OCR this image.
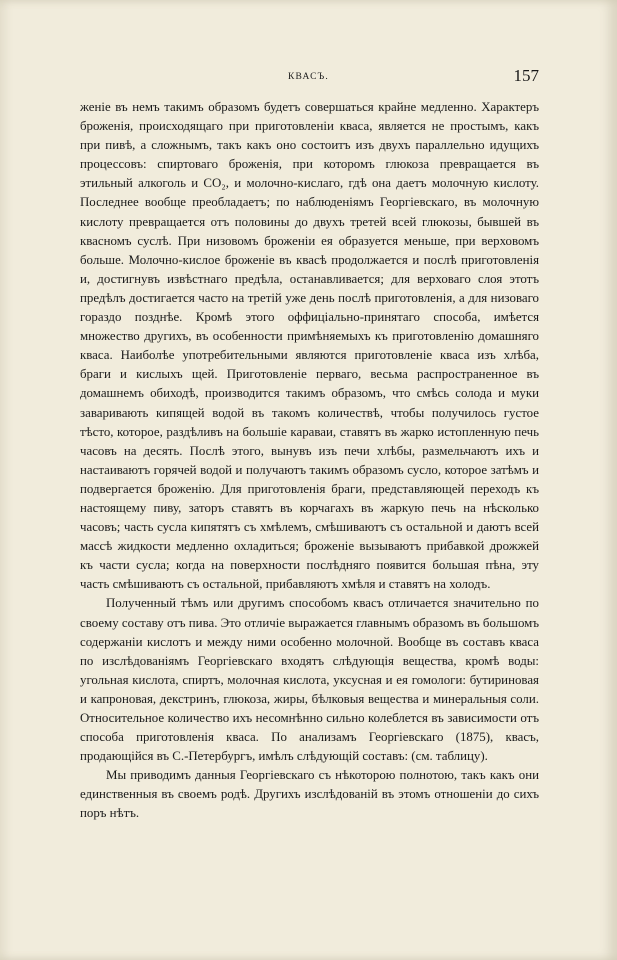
КВАСЪ.	157

женіе въ немъ такимъ образомъ будетъ совершаться крайне медленно. Характеръ броженія, происходящаго при приготовленіи кваса, является не простымъ, какъ при пивѣ, а сложнымъ, такъ какъ оно состоитъ изъ двухъ параллельно идущихъ процессовъ: спиртоваго броженія, при которомъ глюкоза превращается въ этильный алкоголь и CO₂, и молочно-кислаго, гдѣ она даетъ молочную кислоту. Последнее вообще преобладаетъ; по наблюденіямъ Георгіевскаго, въ молочную кислоту превращается отъ половины до двухъ третей всей глюкозы, бывшей въ квасномъ суслѣ. При низовомъ броженіи ея образуется меньше, при верховомъ больше. Молочно-кислое броженіе въ квасѣ продолжается и послѣ приготовленія и, достигнувъ извѣстнаго предѣла, останавливается; для верховаго слоя этотъ предѣлъ достигается часто на третій уже день послѣ приготовленія, а для низоваго гораздо позднѣе. Кромѣ этого оффиціально-принятаго способа, имѣется множество другихъ, въ особенности примѣняемыхъ къ приготовленію домашняго кваса. Наиболѣе употребительными являются приготовленіе кваса изъ хлѣба, браги и кислыхъ щей. Приготовленіе перваго, весьма распространенное въ домашнемъ обиходѣ, производится такимъ образомъ, что смѣсь солода и муки заваривають кипящей водой въ такомъ количествѣ, чтобы получилось густое тѣсто, которое, раздѣливъ на большіе караваи, ставятъ въ жарко истопленную печь часовъ на десять. Послѣ этого, вынувъ изъ печи хлѣбы, размельчаютъ ихъ и настаиваютъ горячей водой и получаютъ такимъ образомъ сусло, которое затѣмъ и подвергается броженію. Для приготовленія браги, представляющей переходъ къ настоящему пиву, заторъ ставятъ въ корчагахъ въ жаркую печь на нѣсколько часовъ; часть сусла кипятятъ съ хмѣлемъ, смѣшиваютъ съ остальной и даютъ всей массѣ жидкости медленно охладиться; броженіе вызываютъ прибавкой дрожжей къ части сусла; когда на поверхности послѣдняго появится большая пѣна, эту часть смѣшиваютъ съ остальной, прибавляютъ хмѣля и ставятъ на холодъ.

Полученный тѣмъ или другимъ способомъ квасъ отличается значительно по своему составу отъ пива. Это отличіе выражается главнымъ образомъ въ большомъ содержаніи кислотъ и между ними особенно молочной. Вообще въ составъ кваса по изслѣдованіямъ Георгіевскаго входятъ слѣдующія вещества, кромѣ воды: угольная кислота, спиртъ, молочная кислота, уксусная и ея гомологи: бутириновая и капроновая, декстринъ, глюкоза, жиры, бѣлковыя вещества и минеральныя соли. Относительное количество ихъ несомнѣнно сильно колеблется въ зависимости отъ способа приготовленія кваса. По анализамъ Георгіевскаго (1875), квасъ, продающійся въ С.-Петербургъ, имѣлъ слѣдующій составъ: (см. таблицу).

Мы приводимъ данныя Георгіевскаго съ нѣкоторою полнотою, такъ какъ они единственныя въ своемъ родѣ. Другихъ изслѣдованій въ этомъ отношеніи до сихъ поръ нѣтъ.
